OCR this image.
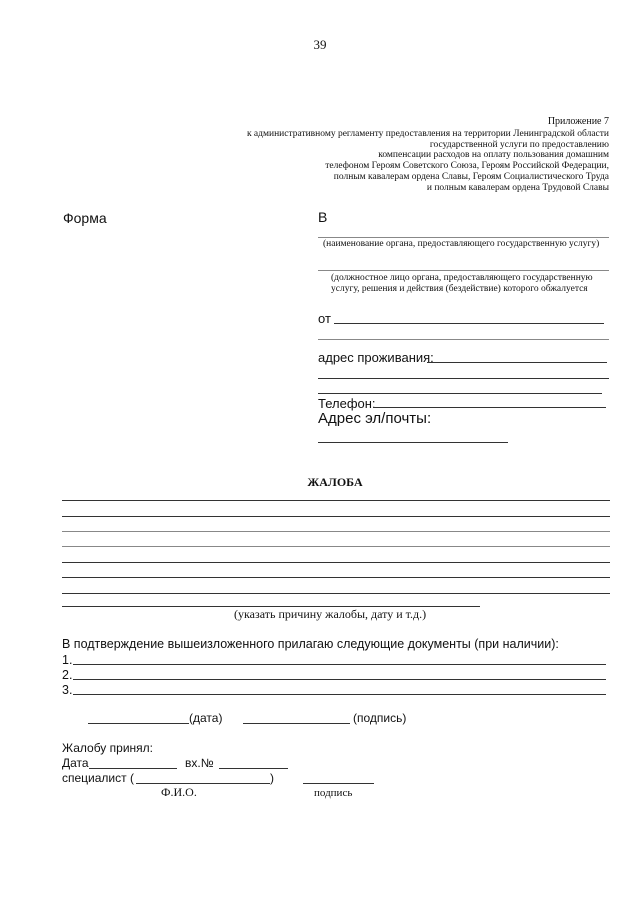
39
Приложение 7
к административному регламенту предоставления на территории Ленинградской области
государственной услуги по предоставлению
компенсации расходов на оплату пользования домашним
телефоном Героям Советского Союза, Героям Российской Федерации,
полным кавалерам ордена Славы, Героям Социалистического Труда
и полным кавалерам ордена Трудовой Славы
Форма	В
(наименование органа, предоставляющего государственную услугу)
(должностное лицо органа, предоставляющего государственную
услугу, решения и действия (бездействие) которого обжалуется
от
адрес проживания:
Телефон:
Адрес эл/почты:
ЖАЛОБА
(указать причину жалобы, дату и т.д.)
В подтверждение вышеизложенного прилагаю следующие документы (при наличии):
1.
2.
3.
(дата)	(подпись)
Жалобу принял:
Дата	вх.№
специалист (	)
Ф.И.О.	подпись
